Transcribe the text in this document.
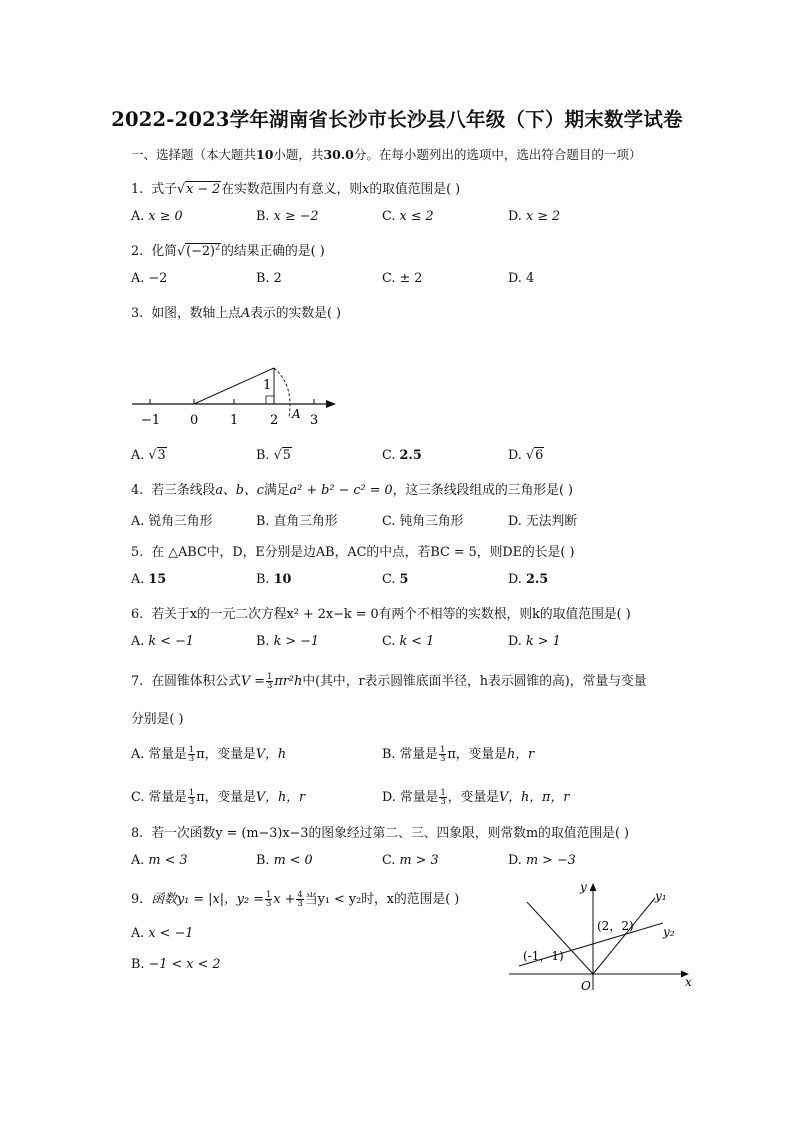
2022-2023学年湖南省长沙市长沙县八年级（下）期末数学试卷
一、选择题（本大题共10小题，共30.0分。在每小题列出的选项中，选出符合题目的一项）
1. 式子√x − 2在实数范围内有意义，则x的取值范围是( )
A. x ≥ 0	B. x ≥ −2	C. x ≤ 2	D. x ≥ 2
2. 化简$√(-2)^2$的结果正确的是( )
A. −2	B. 2	C. ± 2	D. 4
3. 如图，数轴上点A表示的实数是( )
−1 0 1 2 3
1
A
A. √3	B. √5	C. 2.5	D. √6
4. 若三条线段a、b、c满足a² + b² − c² = 0，这三条线段组成的三角形是( )
A. 锐角三角形	B. 直角三角形	C. 钝角三角形	D. 无法判断
5. 在 △ABC中，D，E分别是边AB，AC的中点，若BC = 5，则DE的长是( )
A. 15	B. 10	C. 5	D. 2.5
6. 若关于x的一元二次方程x² + 2x−k = 0有两个不相等的实数根，则k的取值范围是( )
A. k < −1	B. k > −1	C. k < 1	D. k > 1
7. 在圆锥体积公式$V = \frac{1}{3} \pi r^2h$中(其中，r表示圆锥底面半径，h表示圆锥的高)，常量与变量
分别是( )
A. 常量是 $\frac{1}{3}$ π，变量是V，h	B. 常量是 $\frac{1}{3}$ π，变量是h，r
C. 常量是 $\frac{1}{3}$ π，变量是V，h，r	D. 常量是 $\frac{1}{3}$ ，变量是V，h，π，r
8. 若一次函数y = (m−3)x−3的图象经过第二、三、四象限，则常数m的取值范围是( )
A. m < 3	B. m < 0	C. m > 3	D. m > −3
9. 函数y₁ = |x|，$y_2 = \frac{1}{3}$ $x + \frac{4}{3}$ 当y₁ < y₂时，x的范围是( )
A. x < −1
B. −1 < x < 2
y
x
O
y₁
y₂
(2，2)
(-1，1)
